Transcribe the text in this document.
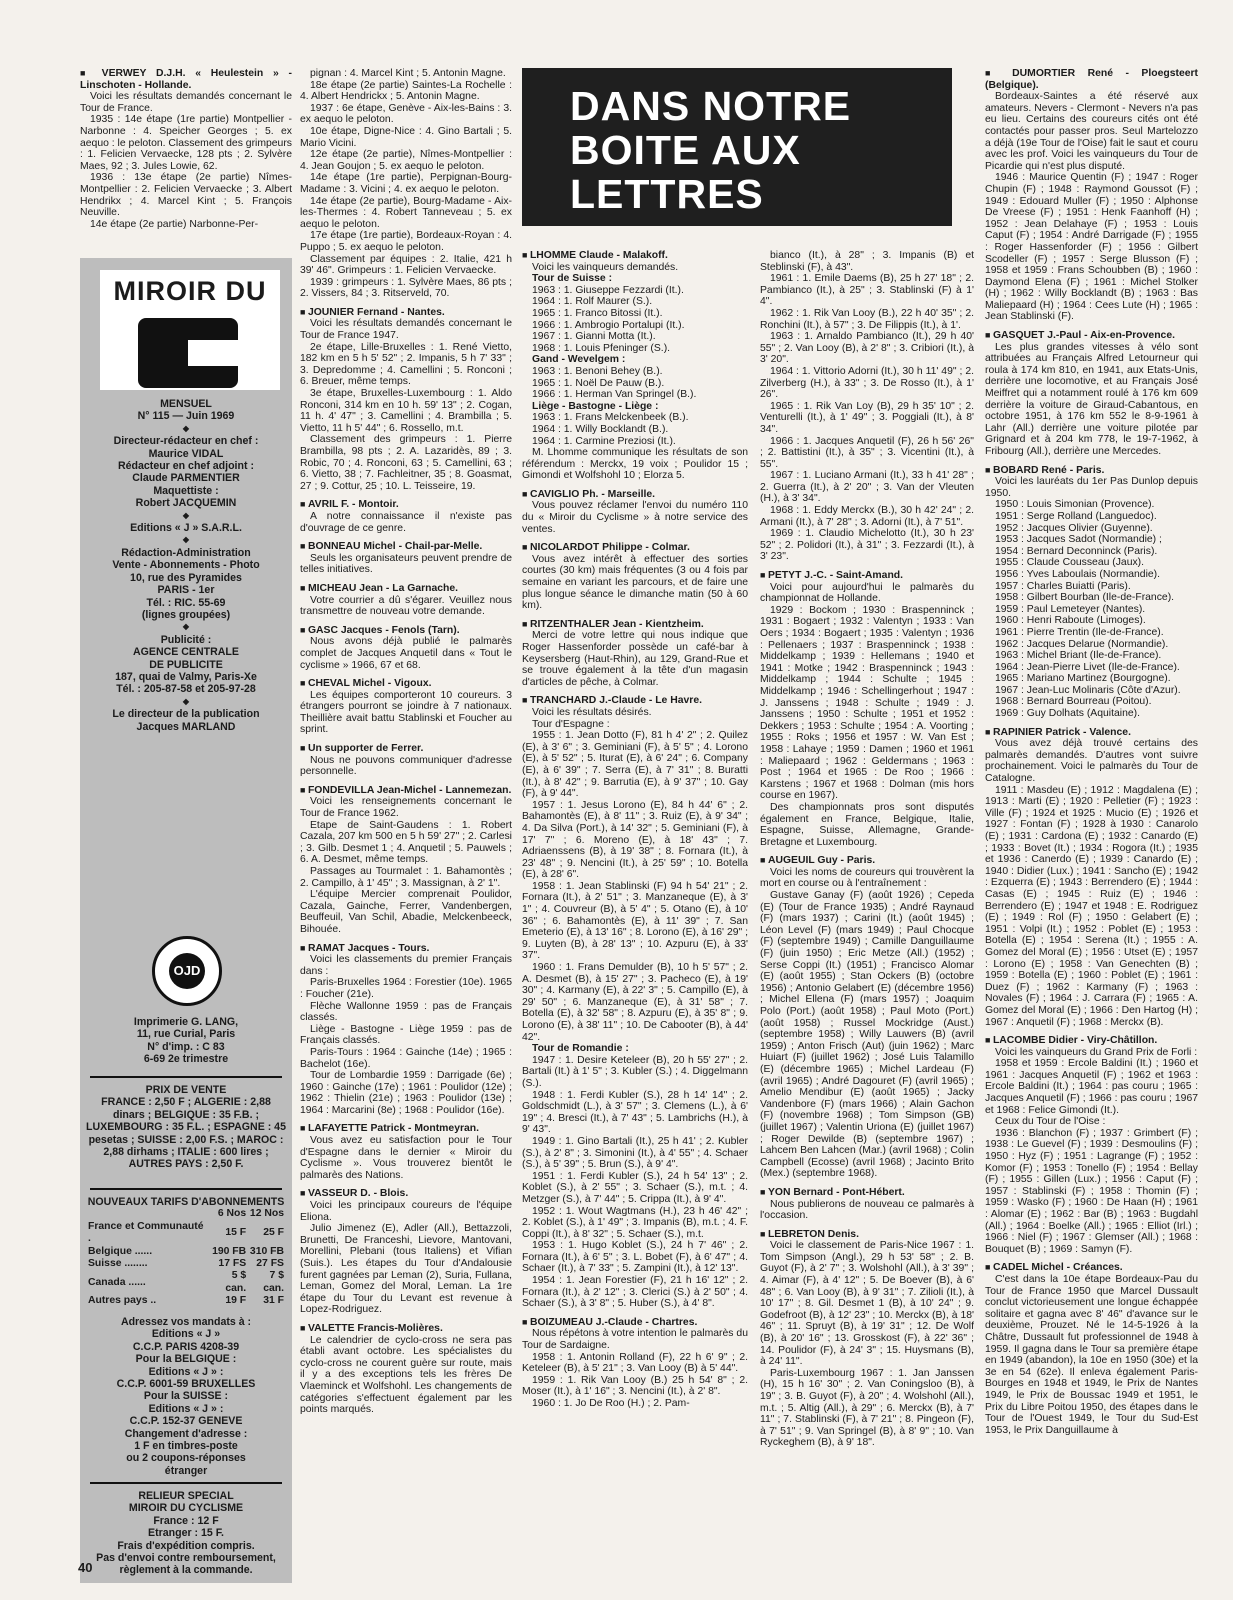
DANS NOTRE BOITE AUX LETTRES
■ VERWEY D.J.H. « Heulestein » - Linschoten - Hollande.

Voici les résultats demandés concernant le Tour de France.

1935 : 14e étape (1re partie) Montpellier - Narbonne : 4. Speicher Georges ; 5. ex aequo : le peloton. Classement des grimpeurs : 1. Felicien Vervaecke, 128 pts ; 2. Sylvère Maes, 92 ; 3. Jules Lowie, 62.

1936 : 13e étape (2e partie) Nîmes-Montpellier : 2. Felicien Vervaecke ; 3. Albert Hendrikx ; 4. Marcel Kint ; 5. François Neuville.

14e étape (2e partie) Narbonne-Per-

pignan : 4. Marcel Kint ; 5. Antonin Magne.

18e étape (2e partie) Saintes-La Rochelle : 4. Albert Hendrickx ; 5. Antonin Magne.

1937 : 6e étape, Genève - Aix-les-Bains : 3. ex aequo le peloton.

10e étape, Digne-Nice : 4. Gino Bartali ; 5. Mario Vicini.

12e étape (2e partie), Nîmes-Montpellier : 4. Jean Goujon ; 5. ex aequo le peloton.

14e étape (1re partie), Perpignan-Bourg-Madame : 3. Vicini ; 4. ex aequo le peloton.

14e étape (2e partie), Bourg-Madame - Aix-les-Thermes : 4. Robert Tanneveau ; 5. ex aequo le peloton.

17e étape (1re partie), Bordeaux-Royan : 4. Puppo ; 5. ex aequo le peloton.

Classement par équipes : 2. Italie, 421 h 39' 46". Grimpeurs : 1. Felicien Vervaecke.

1939 : grimpeurs : 1. Sylvère Maes, 86 pts ; 2. Vissers, 84 ; 3. Ritserveld, 70.

■ JOUNIER Fernand - Nantes.

Voici les résultats demandés concernant le Tour de France 1947.

2e étape, Lille-Bruxelles : 1. René Vietto, 182 km en 5 h 5' 52" ; 2. Impanis, 5 h 7' 33" ; 3. Depredomme ; 4. Camellini ; 5. Ronconi ; 6. Breuer, même temps.

3e étape, Bruxelles-Luxembourg : 1. Aldo Ronconi, 314 km en 10 h. 59' 13" ; 2. Cogan, 11 h. 4' 47" ; 3. Camellini ; 4. Brambilla ; 5. Vietto, 11 h 5' 44" ; 6. Rossello, m.t.

Classement des grimpeurs : 1. Pierre Brambilla, 98 pts ; 2. A. Lazaridès, 89 ; 3. Robic, 70 ; 4. Ronconi, 63 ; 5. Camellini, 63 ; 6. Vietto, 38 ; 7. Fachleitner, 35 ; 8. Goasmat, 27 ; 9. Cottur, 25 ; 10. L. Teisseire, 19.

■ AVRIL F. - Montoir.

A notre connaissance il n'existe pas d'ouvrage de ce genre.

■ BONNEAU Michel - Chail-par-Melle.

Seuls les organisateurs peuvent prendre de telles initiatives.

■ MICHEAU Jean - La Garnache.

Votre courrier a dû s'égarer. Veuillez nous transmettre de nouveau votre demande.

■ GASC Jacques - Fenols (Tarn).

Nous avons déjà publié le palmarès complet de Jacques Anquetil dans « Tout le cyclisme » 1966, 67 et 68.

■ CHEVAL Michel - Vigoux.

Les équipes comporteront 10 coureurs. 3 étrangers pourront se joindre à 7 nationaux. Theillière avait battu Stablinski et Foucher au sprint.

■ Un supporter de Ferrer.

Nous ne pouvons communiquer d'adresse personnelle.

■ FONDEVILLA Jean-Michel - Lannemezan.

Voici les renseignements concernant le Tour de France 1962.

Etape de Saint-Gaudens : 1. Robert Cazala, 207 km 500 en 5 h 59' 27" ; 2. Carlesi ; 3. Gilb. Desmet 1 ; 4. Anquetil ; 5. Pauwels ; 6. A. Desmet, même temps.

Passages au Tourmalet : 1. Bahamontès ; 2. Campillo, à 1' 45" ; 3. Massignan, à 2' 1".

L'équipe Mercier comprenait Poulidor, Cazala, Gainche, Ferrer, Vandenbergen, Beuffeuil, Van Schil, Abadie, Melckenbeeck, Bihouée.

■ RAMAT Jacques - Tours.

Voici les classements du premier Français dans :

Paris-Bruxelles 1964 : Forestier (10e). 1965 : Foucher (21e).

Flèche Wallonne 1959 : pas de Français classés.

Liège - Bastogne - Liège 1959 : pas de Français classés.

Paris-Tours : 1964 : Gainche (14e) ; 1965 : Bachelot (16e).

Tour de Lombardie 1959 : Darrigade (6e) ; 1960 : Gainche (17e) ; 1961 : Poulidor (12e) ; 1962 : Thielin (21e) ; 1963 : Poulidor (13e) ; 1964 : Marcarini (8e) ; 1968 : Poulidor (16e).

■ LAFAYETTE Patrick - Montmeyran.

Vous avez eu satisfaction pour le Tour d'Espagne dans le dernier « Miroir du Cyclisme ». Vous trouverez bientôt le palmarès des Nations.

■ VASSEUR D. - Blois.

Voici les principaux coureurs de l'équipe Eliona.

Julio Jimenez (E), Adler (All.), Bettazzoli, Brunetti, De Franceshi, Lievore, Mantovani, Morellini, Plebani (tous Italiens) et Vifian (Suis.). Les étapes du Tour d'Andalousie furent gagnées par Leman (2), Suria, Fullana, Leman, Gomez del Moral, Leman. La 1re étape du Tour du Levant est revenue à Lopez-Rodriguez.

■ VALETTE Francis-Molières.

Le calendrier de cyclo-cross ne sera pas établi avant octobre. Les spécialistes du cyclo-cross ne courent guère sur route, mais il y a des exceptions tels les frères De Vlaeminck et Wolfshohl. Les changements de catégories s'effectuent également par les points marqués.

■ LHOMME Claude - Malakoff.

Voici les vainqueurs demandés.

Tour de Suisse :

1963 : 1. Giuseppe Fezzardi (It.).

1964 : 1. Rolf Maurer (S.).

1965 : 1. Franco Bitossi (It.).

1966 : 1. Ambrogio Portalupi (It.).

1967 : 1. Gianni Motta (It.).

1968 : 1. Louis Pfeninger (S.).

Gand - Wevelgem :

1963 : 1. Benoni Behey (B.).

1965 : 1. Noël De Pauw (B.).

1966 : 1. Herman Van Springel (B.).

Liège - Bastogne - Liège :

1963 : 1. Frans Melckenbeek (B.).

1964 : 1. Willy Bocklandt (B.).

1964 : 1. Carmine Preziosi (It.).

M. Lhomme communique les résultats de son référendum : Merckx, 19 voix ; Poulidor 15 ; Gimondi et Wolfshohl 10 ; Elorza 5.

■ CAVIGLIO Ph. - Marseille.

Vous pouvez réclamer l'envoi du numéro 110 du « Miroir du Cyclisme » à notre service des ventes.

■ NICOLARDOT Philippe - Colmar.

Vous avez intérêt à effectuer des sorties courtes (30 km) mais fréquentes (3 ou 4 fois par semaine en variant les parcours, et de faire une plus longue séance le dimanche matin (50 à 60 km).

■ RITZENTHALER Jean - Kientzheim.

Merci de votre lettre qui nous indique que Roger Hassenforder possède un café-bar à Keysersberg (Haut-Rhin), au 129, Grand-Rue et se trouve également à la tête d'un magasin d'articles de pêche, à Colmar.

■ TRANCHARD J.-Claude - Le Havre.

Voici les résultats désirés.

Tour d'Espagne :

1955 : 1. Jean Dotto (F), 81 h 4' 2" ; 2. Quilez (E), à 3' 6" ; 3. Geminiani (F), à 5' 5" ; 4. Lorono (E), à 5' 52" ; 5. Iturat (E), à 6' 24" ; 6. Company (E), à 6' 39" ; 7. Serra (E), à 7' 31" ; 8. Buratti (It.), à 8' 42" ; 9. Barrutia (E), à 9' 37" ; 10. Gay (F), à 9' 44".

1957 : 1. Jesus Lorono (E), 84 h 44' 6" ; 2. Bahamontès (E), à 8' 11" ; 3. Ruiz (E), à 9' 34" ; 4. Da Silva (Port.), à 14' 32" ; 5. Geminiani (F), à 17' 7" ; 6. Moreno (E), à 18' 43" ; 7. Adriaenssens (B), à 19' 38" ; 8. Fornara (It.), à 23' 48" ; 9. Nencini (It.), à 25' 59" ; 10. Botella (E), à 28' 6".

1958 : 1. Jean Stablinski (F) 94 h 54' 21" ; 2. Fornara (It.), à 2' 51" ; 3. Manzaneque (E), à 3' 1" ; 4. Couvreur (B), à 5' 4" ; 5. Otano (E), à 10' 36" ; 6. Bahamontès (E), à 11' 39" ; 7. San Emeterio (E), à 13' 16" ; 8. Lorono (E), à 16' 29" ; 9. Luyten (B), à 28' 13" ; 10. Azpuru (E), à 33' 37".

1960 : 1. Frans Demulder (B), 10 h 5' 57" ; 2. A. Desmet (B), à 15' 27" ; 3. Pacheco (E), à 19' 30" ; 4. Karmany (E), à 22' 3" ; 5. Campillo (E), à 29' 50" ; 6. Manzaneque (E), à 31' 58" ; 7. Botella (E), à 32' 58" ; 8. Azpuru (E), à 35' 8" ; 9. Lorono (E), à 38' 11" ; 10. De Cabooter (B), à 44' 42".

Tour de Romandie :

1947 : 1. Desire Keteleer (B), 20 h 55' 27" ; 2. Bartali (It.) à 1' 5" ; 3. Kubler (S.) ; 4. Diggelmann (S.).

1948 : 1. Ferdi Kubler (S.), 28 h 14' 14" ; 2. Goldschmidt (L.), à 3' 57" ; 3. Clemens (L.), à 6' 19" ; 4. Bresci (It.), à 7' 43" ; 5. Lambrichs (H.), à 9' 43".

1949 : 1. Gino Bartali (It.), 25 h 41' ; 2. Kubler (S.), à 2' 8" ; 3. Simonini (It.), à 4' 55" ; 4. Schaer (S.), à 5' 39" ; 5. Brun (S.), à 9' 4".

1951 : 1. Ferdi Kubler (S.), 24 h 54' 13" ; 2. Koblet (S.), à 2' 55" ; 3. Schaer (S.), m.t. ; 4. Metzger (S.), à 7' 44" ; 5. Crippa (It.), à 9' 4".

1952 : 1. Wout Wagtmans (H.), 23 h 46' 42" ; 2. Koblet (S.), à 1' 49" ; 3. Impanis (B), m.t. ; 4. F. Coppi (It.), à 8' 32" ; 5. Schaer (S.), m.t.

1953 : 1. Hugo Koblet (S.), 24 h 7' 46" ; 2. Fornara (It.), à 6' 5" ; 3. L. Bobet (F), à 6' 47" ; 4. Schaer (It.), à 7' 33" ; 5. Zampini (It.), à 12' 13".

1954 : 1. Jean Forestier (F), 21 h 16' 12" ; 2. Fornara (It.), à 2' 12" ; 3. Clerici (S.) à 2' 50" ; 4. Schaer (S.), à 3' 8" ; 5. Huber (S.), à 4' 8".

■ BOIZUMEAU J.-Claude - Chartres.

Nous répétons à votre intention le palmarès du Tour de Sardaigne.

1958 : 1. Antonin Rolland (F), 22 h 6' 9" ; 2. Keteleer (B), à 5' 21" ; 3. Van Looy (B) à 5' 44".

1959 : 1. Rik Van Looy (B.) 25 h 54' 8" ; 2. Moser (It.), à 1' 16" ; 3. Nencini (It.), à 2' 8".

1960 : 1. Jo De Roo (H.) ; 2. Pam-

bianco (It.), à 28" ; 3. Impanis (B) et Steblinski (F), à 43".

1961 : 1. Emile Daems (B), 25 h 27' 18" ; 2. Pambianco (It.), à 25" ; 3. Stablinski (F) à 1' 4".

1962 : 1. Rik Van Looy (B.), 22 h 40' 35" ; 2. Ronchini (It.), à 57" ; 3. De Filippis (It.), à 1'.

1963 : 1. Arnaldo Pambianco (It.), 29 h 40' 55" ; 2. Van Looy (B), à 2' 8" ; 3. Cribiori (It.), à 3' 20".

1964 : 1. Vittorio Adorni (It.), 30 h 11' 49" ; 2. Zilverberg (H.), à 33" ; 3. De Rosso (It.), à 1' 26".

1965 : 1. Rik Van Loy (B), 29 h 35' 10" ; 2. Venturelli (It.), à 1' 49" ; 3. Poggiali (It.), à 8' 34".

1966 : 1. Jacques Anquetil (F), 26 h 56' 26" ; 2. Battistini (It.), à 35" ; 3. Vicentini (It.), à 55".

1967 : 1. Luciano Armani (It.), 33 h 41' 28" ; 2. Guerra (It.), à 2' 20" ; 3. Van der Vleuten (H.), à 3' 34".

1968 : 1. Eddy Merckx (B.), 30 h 42' 24" ; 2. Armani (It.), à 7' 28" ; 3. Adorni (It.), à 7' 51".

1969 : 1. Claudio Michelotto (It.), 30 h 23' 52" ; 2. Polidori (It.), à 31" ; 3. Fezzardi (It.), à 3' 23".

■ PETYT J.-C. - Saint-Amand.

Voici pour aujourd'hui le palmarès du championnat de Hollande.

1929 : Bockom ; 1930 : Braspenninck ; 1931 : Bogaert ; 1932 : Valentyn ; 1933 : Van Oers ; 1934 : Bogaert ; 1935 : Valentyn ; 1936 : Pellenaers ; 1937 : Braspenninck ; 1938 : Middelkamp ; 1939 : Hellemans ; 1940 et 1941 : Motke ; 1942 : Braspenninck ; 1943 : Middelkamp ; 1944 : Schulte ; 1945 : Middelkamp ; 1946 : Schellingerhout ; 1947 : J. Janssens ; 1948 : Schulte ; 1949 : J. Janssens ; 1950 : Schulte ; 1951 et 1952 : Dekkers ; 1953 : Schulte ; 1954 : A. Voorting ; 1955 : Roks ; 1956 et 1957 : W. Van Est ; 1958 : Lahaye ; 1959 : Damen ; 1960 et 1961 : Maliepaard ; 1962 : Geldermans ; 1963 : Post ; 1964 et 1965 : De Roo ; 1966 : Karstens ; 1967 et 1968 : Dolman (mis hors course en 1967).

Des championnats pros sont disputés également en France, Belgique, Italie, Espagne, Suisse, Allemagne, Grande-Bretagne et Luxembourg.

■ AUGEUIL Guy - Paris.

Voici les noms de coureurs qui trouvèrent la mort en course ou à l'entraînement :

Gustave Ganay (F) (août 1926) ; Cepeda (E) (Tour de France 1935) ; André Raynaud (F) (mars 1937) ; Carini (It.) (août 1945) ; Léon Level (F) (mars 1949) ; Paul Chocque (F) (septembre 1949) ; Camille Danguillaume (F) (juin 1950) ; Eric Metze (All.) (1952) ; Serse Coppi (It.) (1951) ; Francisco Alomar (E) (août 1955) ; Stan Ockers (B) (octobre 1956) ; Antonio Gelabert (E) (décembre 1956) ; Michel Ellena (F) (mars 1957) ; Joaquim Polo (Port.) (août 1958) ; Paul Moto (Port.) (août 1958) ; Russel Mockridge (Aust.) (septembre 1958) ; Willy Lauwers (B) (avril 1959) ; Anton Frisch (Aut) (juin 1962) ; Marc Huiart (F) (juillet 1962) ; José Luis Talamillo (E) (décembre 1965) ; Michel Lardeau (F) (avril 1965) ; André Dagouret (F) (avril 1965) ; Amelio Mendibur (E) (août 1965) ; Jacky Vandenbore (F) (mars 1966) ; Alain Gachon (F) (novembre 1968) ; Tom Simpson (GB) (juillet 1967) ; Valentin Uriona (E) (juillet 1967) ; Roger Dewilde (B) (septembre 1967) ; Lahcem Ben Lahcen (Mar.) (avril 1968) ; Colin Campbell (Ecosse) (avril 1968) ; Jacinto Brito (Mex.) (septembre 1968).

■ YON Bernard - Pont-Hébert.

Nous publierons de nouveau ce palmarès à l'occasion.

■ LEBRETON Denis.

Voici le classement de Paris-Nice 1967 : 1. Tom Simpson (Angl.), 29 h 53' 58" ; 2. B. Guyot (F), à 2' 7" ; 3. Wolshohl (All.), à 3' 39" ; 4. Aimar (F), à 4' 12" ; 5. De Boever (B), à 6' 48" ; 6. Van Looy (B), à 9' 31" ; 7. Zilioli (It.), à 10' 17" ; 8. Gil. Desmet 1 (B), à 10' 24" ; 9. Godefroot (B), à 12' 23" ; 10. Merckx (B), à 18' 46" ; 11. Spruyt (B), à 19' 31" ; 12. De Wolf (B), à 20' 16" ; 13. Grosskost (F), à 22' 36" ; 14. Poulidor (F), à 24' 3" ; 15. Huysmans (B), à 24' 11".

Paris-Luxembourg 1967 : 1. Jan Janssen (H), 15 h 16' 30" ; 2. Van Coningsloo (B), à 19" ; 3. B. Guyot (F), à 20" ; 4. Wolshohl (All.), m.t. ; 5. Altig (All.), à 29" ; 6. Merckx (B), à 7' 11" ; 7. Stablinski (F), à 7' 21" ; 8. Pingeon (F), à 7' 51" ; 9. Van Springel (B), à 8' 9" ; 10. Van Ryckeghem (B), à 9' 18".

■ DUMORTIER René - Ploegsteert (Belgique).

Bordeaux-Saintes a été réservé aux amateurs. Nevers - Clermont - Nevers n'a pas eu lieu. Certains des coureurs cités ont été contactés pour passer pros. Seul Martelozzo a déjà (19e Tour de l'Oise) fait le saut et couru avec les prof. Voici les vainqueurs du Tour de Picardie qui n'est plus disputé.

1946 : Maurice Quentin (F) ; 1947 : Roger Chupin (F) ; 1948 : Raymond Goussot (F) ; 1949 : Edouard Muller (F) ; 1950 : Alphonse De Vreese (F) ; 1951 : Henk Faanhoff (H) ; 1952 : Jean Delahaye (F) ; 1953 : Louis Caput (F) ; 1954 : André Darrigade (F) ; 1955 : Roger Hassenforder (F) ; 1956 : Gilbert Scodeller (F) ; 1957 : Serge Blusson (F) ; 1958 et 1959 : Frans Schoubben (B) ; 1960 : Daymond Elena (F) ; 1961 : Michel Stolker (H) ; 1962 : Willy Bocklandt (B) ; 1963 : Bas Maliepaard (H) ; 1964 : Cees Lute (H) ; 1965 : Jean Stablinski (F).

■ GASQUET J.-Paul - Aix-en-Provence.

Les plus grandes vitesses à vélo sont attribuées au Français Alfred Letourneur qui roula à 174 km 810, en 1941, aux Etats-Unis, derrière une locomotive, et au Français José Meiffret qui a notamment roulé à 176 km 609 derrière la voiture de Giraud-Cabantous, en octobre 1951, à 176 km 552 le 8-9-1961 à Lahr (All.) derrière une voiture pilotée par Grignard et à 204 km 778, le 19-7-1962, à Fribourg (All.), derrière une Mercedes.

■ BOBARD René - Paris.

Voici les lauréats du 1er Pas Dunlop depuis 1950.

1950 : Louis Simonian (Provence).

1951 : Serge Rolland (Languedoc).

1952 : Jacques Olivier (Guyenne).

1953 : Jacques Sadot (Normandie) ;

1954 : Bernard Deconninck (Paris).

1955 : Claude Cousseau (Jaux).

1956 : Yves Laboulais (Normandie).

1957 : Charles Buiatti (Paris).

1958 : Gilbert Bourban (Ile-de-France).

1959 : Paul Lemeteyer (Nantes).

1960 : Henri Raboute (Limoges).

1961 : Pierre Trentin (Ile-de-France).

1962 : Jacques Delarue (Normandie).

1963 : Michel Briant (Ile-de-France).

1964 : Jean-Pierre Livet (Ile-de-France).

1965 : Mariano Martinez (Bourgogne).

1967 : Jean-Luc Molinaris (Côte d'Azur).

1968 : Bernard Bourreau (Poitou).

1969 : Guy Dolhats (Aquitaine).

■ RAPINIER Patrick - Valence.

Vous avez déjà trouvé certains des palmarès demandés. D'autres vont suivre prochainement. Voici le palmarès du Tour de Catalogne.

1911 : Masdeu (E) ; 1912 : Magdalena (E) ; 1913 : Marti (E) ; 1920 : Pelletier (F) ; 1923 : Ville (F) ; 1924 et 1925 : Mucio (E) ; 1926 et 1927 : Fontan (F) ; 1928 à 1930 : Canarolo (E) ; 1931 : Cardona (E) ; 1932 : Canardo (E) ; 1933 : Bovet (It.) ; 1934 : Rogora (It.) ; 1935 et 1936 : Canerdo (E) ; 1939 : Canardo (E) ; 1940 : Didier (Lux.) ; 1941 : Sancho (E) ; 1942 : Ezquerra (E) ; 1943 : Berrendero (E) ; 1944 : Casas (E) ; 1945 : Ruiz (E) ; 1946 : Berrendero (E) ; 1947 et 1948 : E. Rodriguez (E) ; 1949 : Rol (F) ; 1950 : Gelabert (E) ; 1951 : Volpi (It.) ; 1952 : Poblet (E) ; 1953 : Botella (E) ; 1954 : Serena (It.) ; 1955 : A. Gomez del Moral (E) ; 1956 : Utset (E) ; 1957 : Lorono (E) ; 1958 : Van Genechten (B) ; 1959 : Botella (E) ; 1960 : Poblet (E) ; 1961 : Duez (F) ; 1962 : Karmany (F) ; 1963 : Novales (F) ; 1964 : J. Carrara (F) ; 1965 : A. Gomez del Moral (E) ; 1966 : Den Hartog (H) ; 1967 : Anquetil (F) ; 1968 : Merckx (B).

■ LACOMBE Didier - Viry-Châtillon.

Voici les vainqueurs du Grand Prix de Forli :

1958 et 1959 : Ercole Baldini (It.) ; 1960 et 1961 : Jacques Anquetil (F) ; 1962 et 1963 : Ercole Baldini (It.) ; 1964 : pas couru ; 1965 : Jacques Anquetil (F) ; 1966 : pas couru ; 1967 et 1968 : Felice Gimondi (It.).

Ceux du Tour de l'Oise :

1936 : Blanchon (F) ; 1937 : Grimbert (F) ; 1938 : Le Guevel (F) ; 1939 : Desmoulins (F) ; 1950 : Hyz (F) ; 1951 : Lagrange (F) ; 1952 : Komor (F) ; 1953 : Tonello (F) ; 1954 : Bellay (F) ; 1955 : Gillen (Lux.) ; 1956 : Caput (F) ; 1957 : Stablinski (F) ; 1958 : Thomin (F) ; 1959 : Wasko (F) ; 1960 : De Haan (H) ; 1961 : Alomar (E) ; 1962 : Bar (B) ; 1963 : Bugdahl (All.) ; 1964 : Boelke (All.) ; 1965 : Elliot (Irl.) ; 1966 : Niel (F) ; 1967 : Glemser (All.) ; 1968 : Bouquet (B) ; 1969 : Samyn (F).

■ CADEL Michel - Créances.

C'est dans la 10e étape Bordeaux-Pau du Tour de France 1950 que Marcel Dussault conclut victorieusement une longue échappée solitaire et gagna avec 8' 46" d'avance sur le deuxième, Prouzet. Né le 14-5-1926 à la Châtre, Dussault fut professionnel de 1948 à 1959. Il gagna dans le Tour sa première étape en 1949 (abandon), la 10e en 1950 (30e) et la 3e en 54 (62e). Il enleva également Paris-Bourges en 1948 et 1949, le Prix de Nantes 1949, le Prix de Boussac 1949 et 1951, le Prix du Libre Poitou 1950, des étapes dans le Tour de l'Ouest 1949, le Tour du Sud-Est 1953, le Prix Danguillaume à

MIROIR DU

MENSUEL

N° 115 — Juin 1969

◆

Directeur-rédacteur en chef :

Maurice VIDAL

Rédacteur en chef adjoint :

Claude PARMENTIER

Maquettiste :

Robert JACQUEMIN

◆

Editions « J » S.A.R.L.

◆

Rédaction-Administration

Vente - Abonnements - Photo

10, rue des Pyramides

PARIS - 1er

Tél. : RIC. 55-69

(lignes groupées)

◆

Publicité :

AGENCE CENTRALE

DE PUBLICITE

187, quai de Valmy, Paris-Xe

Tél. : 205-87-58 et 205-97-28

◆

Le directeur de la publication

Jacques MARLAND

OJD

Imprimerie G. LANG,

11, rue Curial, Paris

N° d'imp. : C 83

6-69 2e trimestre

PRIX DE VENTE

FRANCE : 2,50 F ; ALGERIE : 2,88 dinars ; BELGIQUE : 35 F.B. ; LUXEMBOURG : 35 F.L. ; ESPAGNE : 45 pesetas ; SUISSE : 2,00 F.S. ; MAROC : 2,88 dirhams ; ITALIE : 600 lires ; AUTRES PAYS : 2,50 F.

NOUVEAUX TARIFS D'ABONNEMENTS

	6 Nos	12 Nos
France et Communauté .	15 F	25 F
Belgique ......	190 FB	310 FB
Suisse ........	17 FS	27 FS
Canada ......	5 $ can.	7 $ can.
Autres pays ..	19 F	31 F

Adressez vos mandats à :

Editions « J »

C.C.P. PARIS 4208-39

Pour la BELGIQUE :

Editions « J » :

C.C.P. 6001-59 BRUXELLES

Pour la SUISSE :

Editions « J » :

C.C.P. 152-37 GENEVE

Changement d'adresse :

1 F en timbres-poste

ou 2 coupons-réponses

étranger

RELIEUR SPECIAL

MIROIR DU CYCLISME

France : 12 F

Etranger : 15 F.

Frais d'expédition compris.

Pas d'envoi contre remboursement, règlement à la commande.

40
